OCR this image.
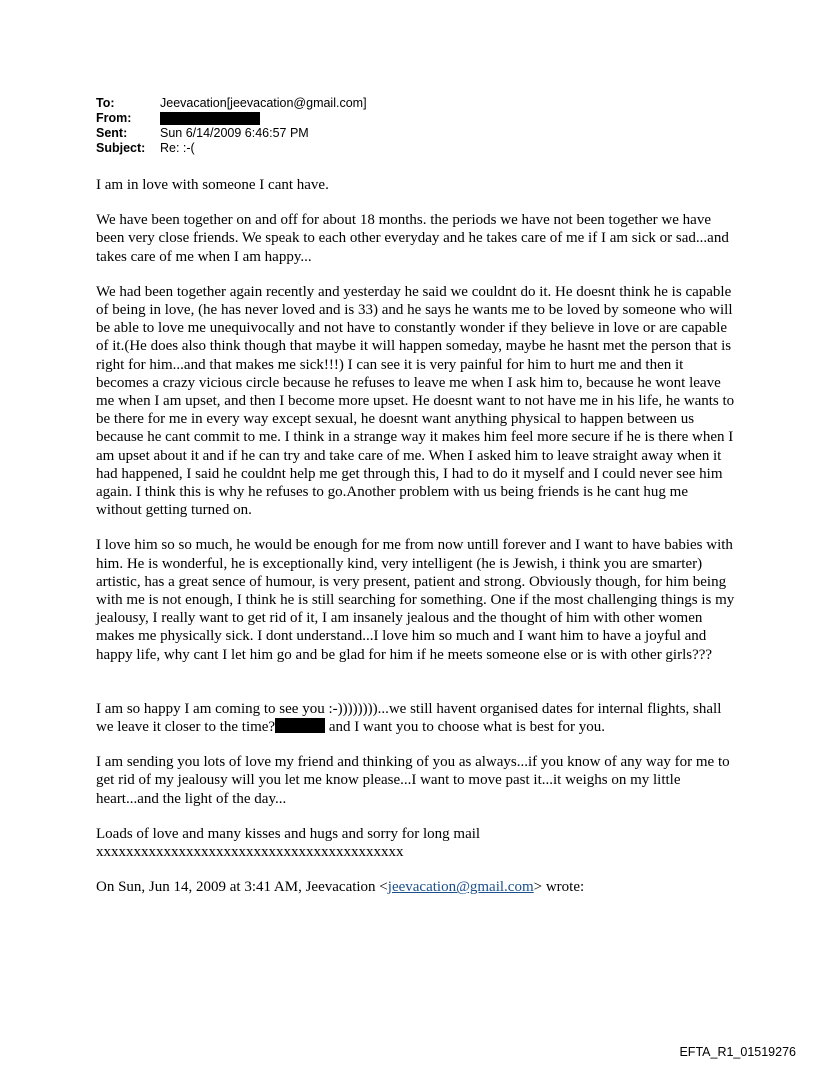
To:	Jeevacation[jeevacation@gmail.com]
From:
Sent:	Sun 6/14/2009 6:46:57 PM
Subject:	Re: :-(

I am in love with someone I cant have.

We have been together on and off for about 18 months. the periods we have not been together we have been very close friends. We speak to each other everyday and he takes care of me if I am sick or sad...and takes care of me when I am happy...

We had been together again recently and yesterday he said we couldnt do it. He doesnt think he is capable of being in love, (he has never loved and is 33) and he says he wants me to be loved by someone who will be able to love me unequivocally and not have to constantly wonder if they believe in love or are capable of it.(He does also think though that maybe it will happen someday, maybe he hasnt met the person that is right for him...and that makes me sick!!!) I can see it is very painful for him to hurt me and then it becomes a crazy vicious circle because he refuses to leave me when I ask him to, because he wont leave me when I am upset, and then I become more upset. He doesnt want to not have me in his life, he wants to be there for me in every way except sexual, he doesnt want anything physical to happen between us because he cant commit to me. I think in a strange way it makes him feel more secure if he is there when I am upset about it and if he can try and take care of me. When I asked him to leave straight away when it had happened, I said he couldnt help me get through this, I had to do it myself and I could never see him again. I think this is why he refuses to go.Another problem with us being friends is he cant hug me without getting turned on.

I love him so so much, he would be enough for me from now untill forever and I want to have babies with him. He is wonderful, he is exceptionally kind, very intelligent (he is Jewish, i think you are smarter) artistic, has a great sence of humour, is very present, patient and strong. Obviously though, for him being with me is not enough, I think he is still searching for something. One if the most challenging things is my jealousy, I really want to get rid of it, I am insanely jealous and the thought of him with other women makes me physically sick. I dont understand...I love him so much and I want him to have a joyful and happy life, why cant I let him go and be glad for him if he meets someone else or is with other girls???

I am so happy I am coming to see you :-))))))))...we still havent organised dates for internal flights, shall we leave it closer to the time?	and I want you to choose what is best for you.

I am sending you lots of love my friend and thinking of you as always...if you know of any way for me to get rid of my jealousy will you let me know please...I want to move past it...it weighs on my little heart...and the light of the day...

Loads of love and many kisses and hugs and sorry for long mail
xxxxxxxxxxxxxxxxxxxxxxxxxxxxxxxxxxxxxxxxx

On Sun, Jun 14, 2009 at 3:41 AM, Jeevacation <jeevacation@gmail.com> wrote:

EFTA_R1_01519276
